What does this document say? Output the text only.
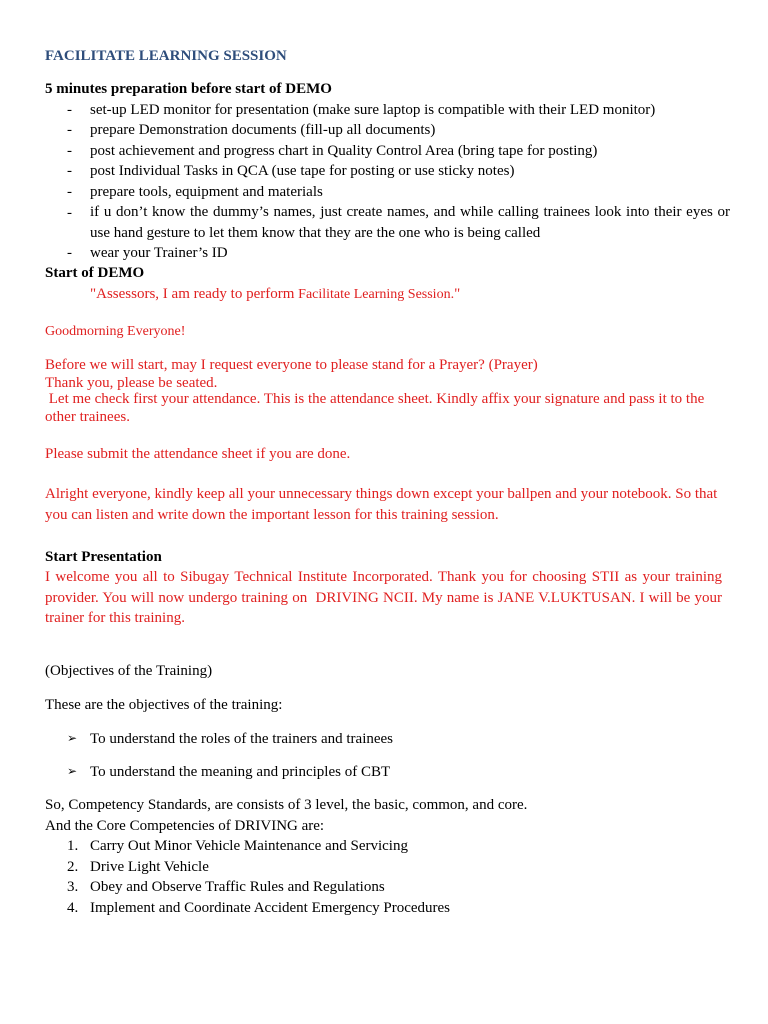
FACILITATE LEARNING SESSION
5 minutes preparation before start of DEMO
- set-up LED monitor for presentation (make sure laptop is compatible with their LED monitor)
- prepare Demonstration documents (fill-up all documents)
- post achievement and progress chart in Quality Control Area (bring tape for posting)
- post Individual Tasks in QCA (use tape for posting or use sticky notes)
- prepare tools, equipment and materials
- if u don’t know the dummy’s names, just create names, and while calling trainees look into their eyes or use hand gesture to let them know that they are the one who is being called
- wear your Trainer’s ID
Start of DEMO
"Assessors, I am ready to perform Facilitate Learning Session."
Goodmorning Everyone!
Before we will start, may I request everyone to please stand for a Prayer? (Prayer)
Thank you, please be seated.
Let me check first your attendance. This is the attendance sheet. Kindly affix your signature and pass it to the other trainees.
Please submit the attendance sheet if you are done.
Alright everyone, kindly keep all your unnecessary things down except your ballpen and your notebook. So that you can listen and write down the important lesson for this training session.
Start Presentation
I welcome you all to Sibugay Technical Institute Incorporated. Thank you for choosing STII as your training provider. You will now undergo training on  DRIVING NCII. My name is JANE V.LUKTUSAN. I will be your trainer for this training.
(Objectives of the Training)
These are the objectives of the training:
➢ To understand the roles of the trainers and trainees
➢ To understand the meaning and principles of CBT
So, Competency Standards, are consists of 3 level, the basic, common, and core.
And the Core Competencies of DRIVING are:
1. Carry Out Minor Vehicle Maintenance and Servicing
2. Drive Light Vehicle
3. Obey and Observe Traffic Rules and Regulations
4. Implement and Coordinate Accident Emergency Procedures
